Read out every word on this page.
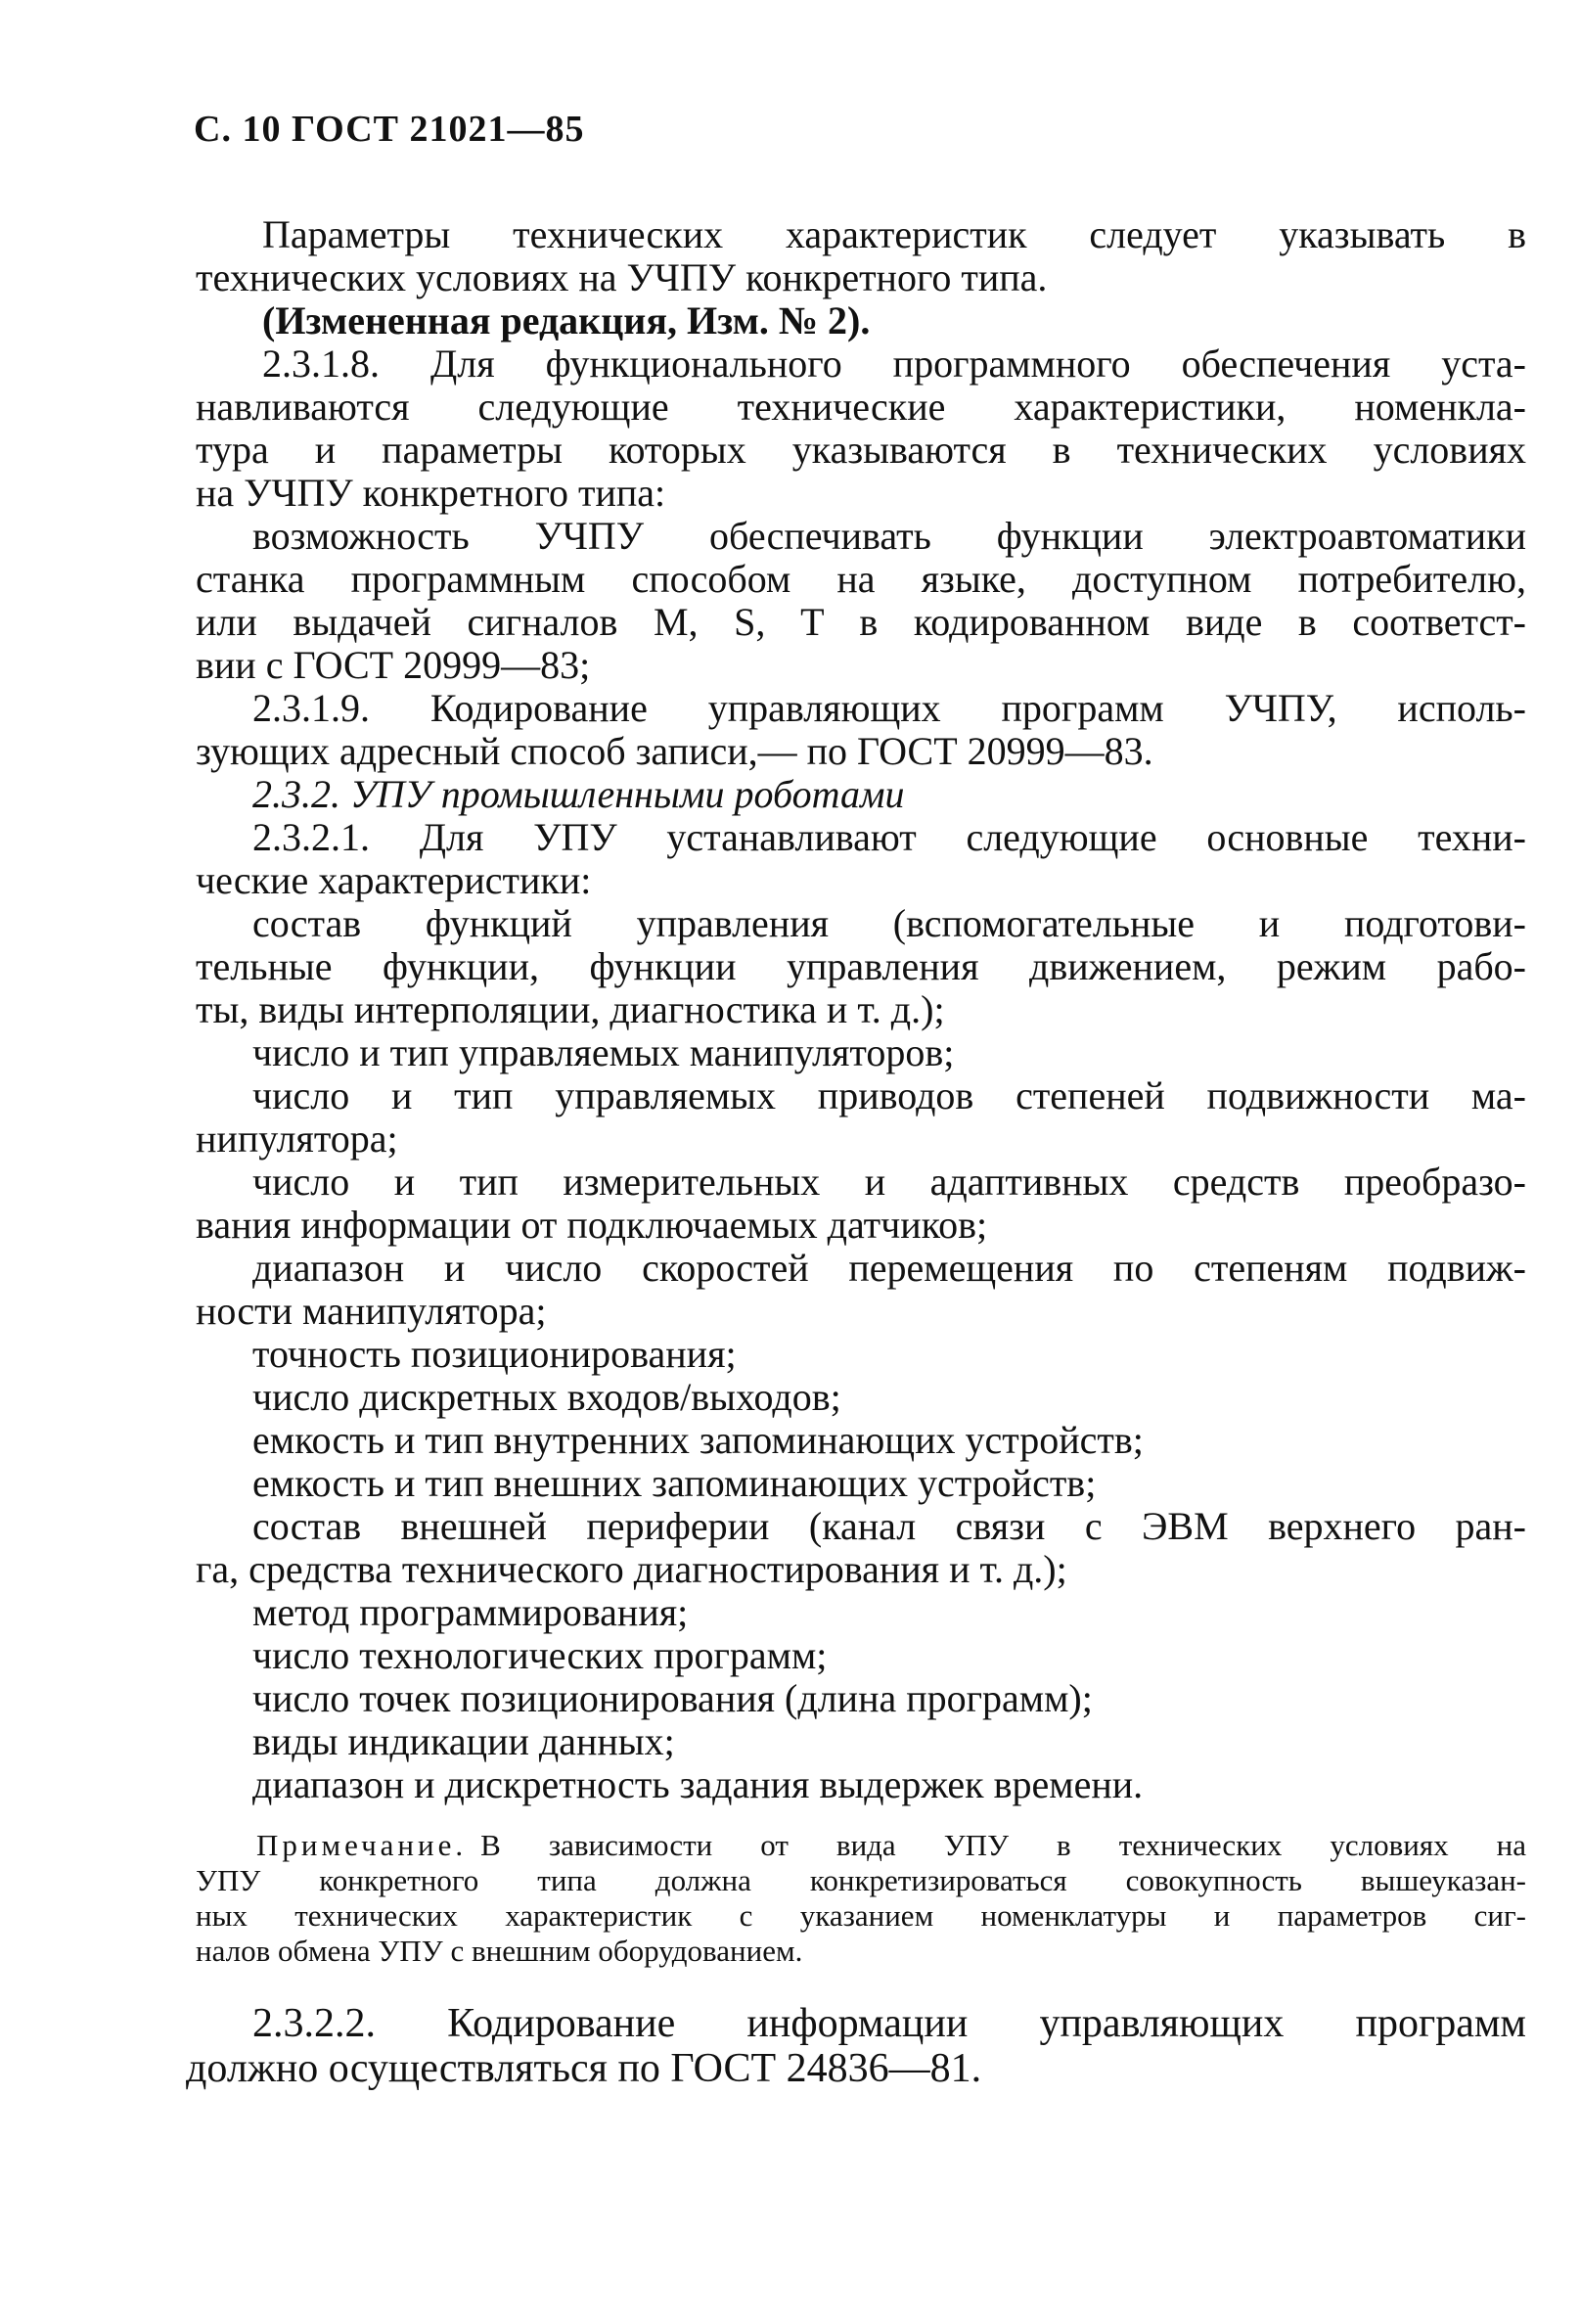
С. 10 ГОСТ 21021—85
Параметры технических характеристик следует указывать в
технических условиях на УЧПУ конкретного типа.
(Измененная редакция, Изм. № 2).
2.3.1.8. Для функционального программного обеспечения уста-
навливаются следующие технические характеристики, номенкла-
тура и параметры которых указываются в технических условиях
на УЧПУ конкретного типа:
возможность УЧПУ обеспечивать функции электроавтоматики
станка программным способом на языке, доступном потребителю,
или выдачей сигналов М, S, T в кодированном виде в соответст-
вии с ГОСТ 20999—83;
2.3.1.9. Кодирование управляющих программ УЧПУ, исполь-
зующих адресный способ записи,— по ГОСТ 20999—83.
2.3.2. УПУ промышленными роботами
2.3.2.1. Для УПУ устанавливают следующие основные техни-
ческие характеристики:
состав функций управления (вспомогательные и подготови-
тельные функции, функции управления движением, режим рабо-
ты, виды интерполяции, диагностика и т. д.);
число и тип управляемых манипуляторов;
число и тип управляемых приводов степеней подвижности ма-
нипулятора;
число и тип измерительных и адаптивных средств преобразо-
вания информации от подключаемых датчиков;
диапазон и число скоростей перемещения по степеням подвиж-
ности манипулятора;
точность позиционирования;
число дискретных входов/выходов;
емкость и тип внутренних запоминающих устройств;
емкость и тип внешних запоминающих устройств;
состав внешней периферии (канал связи с ЭВМ верхнего ран-
га, средства технического диагностирования и т. д.);
метод программирования;
число технологических программ;
число точек позиционирования (длина программ);
виды индикации данных;
диапазон и дискретность задания выдержек времени.
Примечание. В зависимости от вида УПУ в технических условиях на
УПУ конкретного типа должна конкретизироваться совокупность вышеуказан-
ных технических характеристик с указанием номенклатуры и параметров сиг-
налов обмена УПУ с внешним оборудованием.
2.3.2.2. Кодирование информации управляющих программ
должно осуществляться по ГОСТ 24836—81.
